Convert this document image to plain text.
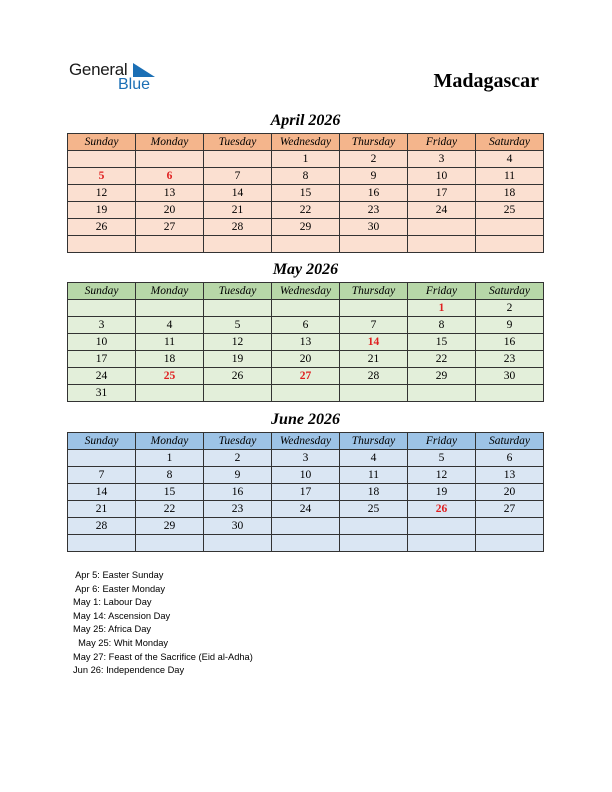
General
Blue	Madagascar
April 2026
Sunday	Monday	Tuesday	Wednesday	Thursday	Friday	Saturday
			1	2	3	4
5	6	7	8	9	10	11
12	13	14	15	16	17	18
19	20	21	22	23	24	25
26	27	28	29	30		

May 2026
Sunday	Monday	Tuesday	Wednesday	Thursday	Friday	Saturday
					1	2
3	4	5	6	7	8	9
10	11	12	13	14	15	16
17	18	19	20	21	22	23
24	25	26	27	28	29	30
31						
June 2026
Sunday	Monday	Tuesday	Wednesday	Thursday	Friday	Saturday
	1	2	3	4	5	6
7	8	9	10	11	12	13
14	15	16	17	18	19	20
21	22	23	24	25	26	27
28	29	30				

Apr 5: Easter Sunday
Apr 6: Easter Monday
May 1: Labour Day
May 14: Ascension Day
May 25: Africa Day
May 25: Whit Monday
May 27: Feast of the Sacrifice (Eid al-Adha)
Jun 26: Independence Day
